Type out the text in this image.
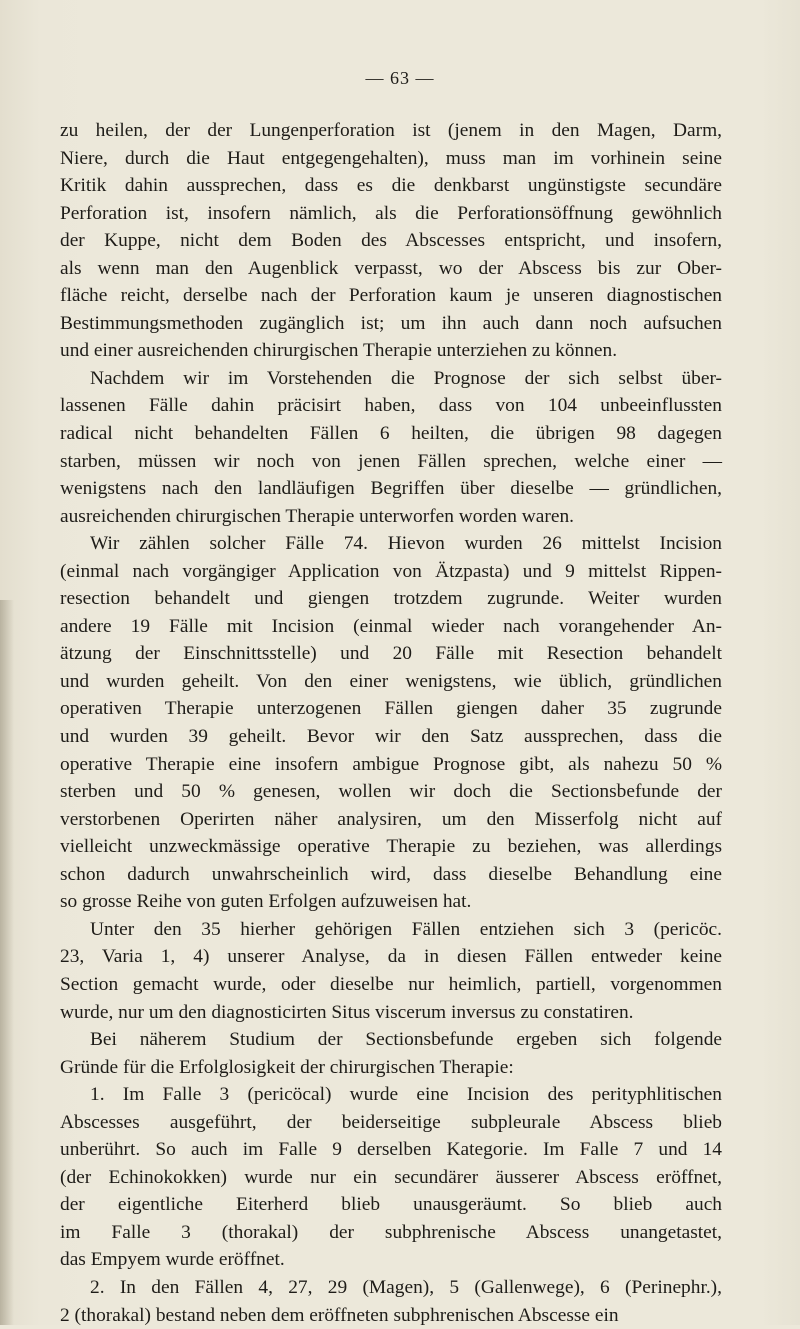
— 63 —
zu heilen, der der Lungenperforation ist (jenem in den Magen, Darm,
Niere, durch die Haut entgegengehalten), muss man im vorhinein seine
Kritik dahin aussprechen, dass es die denkbarst ungünstigste secundäre
Perforation ist, insofern nämlich, als die Perforationsöffnung gewöhnlich
der Kuppe, nicht dem Boden des Abscesses entspricht, und insofern,
als wenn man den Augenblick verpasst, wo der Abscess bis zur Ober-
fläche reicht, derselbe nach der Perforation kaum je unseren diagnostischen
Bestimmungsmethoden zugänglich ist; um ihn auch dann noch aufsuchen
und einer ausreichenden chirurgischen Therapie unterziehen zu können.
Nachdem wir im Vorstehenden die Prognose der sich selbst über-
lassenen Fälle dahin präcisirt haben, dass von 104 unbeeinflussten
radical nicht behandelten Fällen 6 heilten, die übrigen 98 dagegen
starben, müssen wir noch von jenen Fällen sprechen, welche einer —
wenigstens nach den landläufigen Begriffen über dieselbe — gründlichen,
ausreichenden chirurgischen Therapie unterworfen worden waren.
Wir zählen solcher Fälle 74. Hievon wurden 26 mittelst Incision
(einmal nach vorgängiger Application von Ätzpasta) und 9 mittelst Rippen-
resection behandelt und giengen trotzdem zugrunde. Weiter wurden
andere 19 Fälle mit Incision (einmal wieder nach vorangehender An-
ätzung der Einschnittsstelle) und 20 Fälle mit Resection behandelt
und wurden geheilt. Von den einer wenigstens, wie üblich, gründlichen
operativen Therapie unterzogenen Fällen giengen daher 35 zugrunde
und wurden 39 geheilt. Bevor wir den Satz aussprechen, dass die
operative Therapie eine insofern ambigue Prognose gibt, als nahezu 50 %
sterben und 50 % genesen, wollen wir doch die Sectionsbefunde der
verstorbenen Operirten näher analysiren, um den Misserfolg nicht auf
vielleicht unzweckmässige operative Therapie zu beziehen, was allerdings
schon dadurch unwahrscheinlich wird, dass dieselbe Behandlung eine
so grosse Reihe von guten Erfolgen aufzuweisen hat.
Unter den 35 hierher gehörigen Fällen entziehen sich 3 (pericöc.
23, Varia 1, 4) unserer Analyse, da in diesen Fällen entweder keine
Section gemacht wurde, oder dieselbe nur heimlich, partiell, vorgenommen
wurde, nur um den diagnosticirten Situs viscerum inversus zu constatiren.
Bei näherem Studium der Sectionsbefunde ergeben sich folgende
Gründe für die Erfolglosigkeit der chirurgischen Therapie:
1. Im Falle 3 (pericöcal) wurde eine Incision des perityphlitischen
Abscesses ausgeführt, der beiderseitige subpleurale Abscess blieb
unberührt. So auch im Falle 9 derselben Kategorie. Im Falle 7 und 14
(der Echinokokken) wurde nur ein secundärer äusserer Abscess eröffnet,
der eigentliche Eiterherd blieb unausgeräumt. So blieb auch
im Falle 3 (thorakal) der subphrenische Abscess unangetastet,
das Empyem wurde eröffnet.
2. In den Fällen 4, 27, 29 (Magen), 5 (Gallenwege), 6 (Perinephr.),
2 (thorakal) bestand neben dem eröffneten subphrenischen Abscesse ein
